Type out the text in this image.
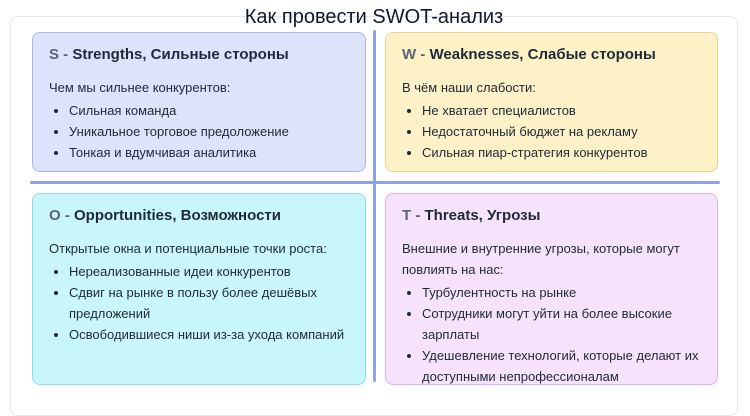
Как провести SWOT-анализ
S - Strengths, Сильные стороны

Чем мы сильнее конкурентов:

• Сильная команда
• Уникальное торговое предоложение
• Тонкая и вдумчивая аналитика
W - Weaknesses, Слабые стороны

В чём наши слабости:

• Не хватает специалистов
• Недостаточный бюджет на рекламу
• Сильная пиар-стратегия конкурентов
O - Opportunities, Возможности

Открытые окна и потенциальные точки роста:

• Нереализованные идеи конкурентов
• Сдвиг на рынке в пользу более дешёвых предложений
• Освободившиеся ниши из-за ухода компаний
T - Threats, Угрозы

Внешние и внутренние угрозы, которые могут повлиять на нас:

• Турбулентность на рынке
• Сотрудники могут уйти на более высокие зарплаты
• Удешевление технологий, которые делают их доступными непрофессионалам
